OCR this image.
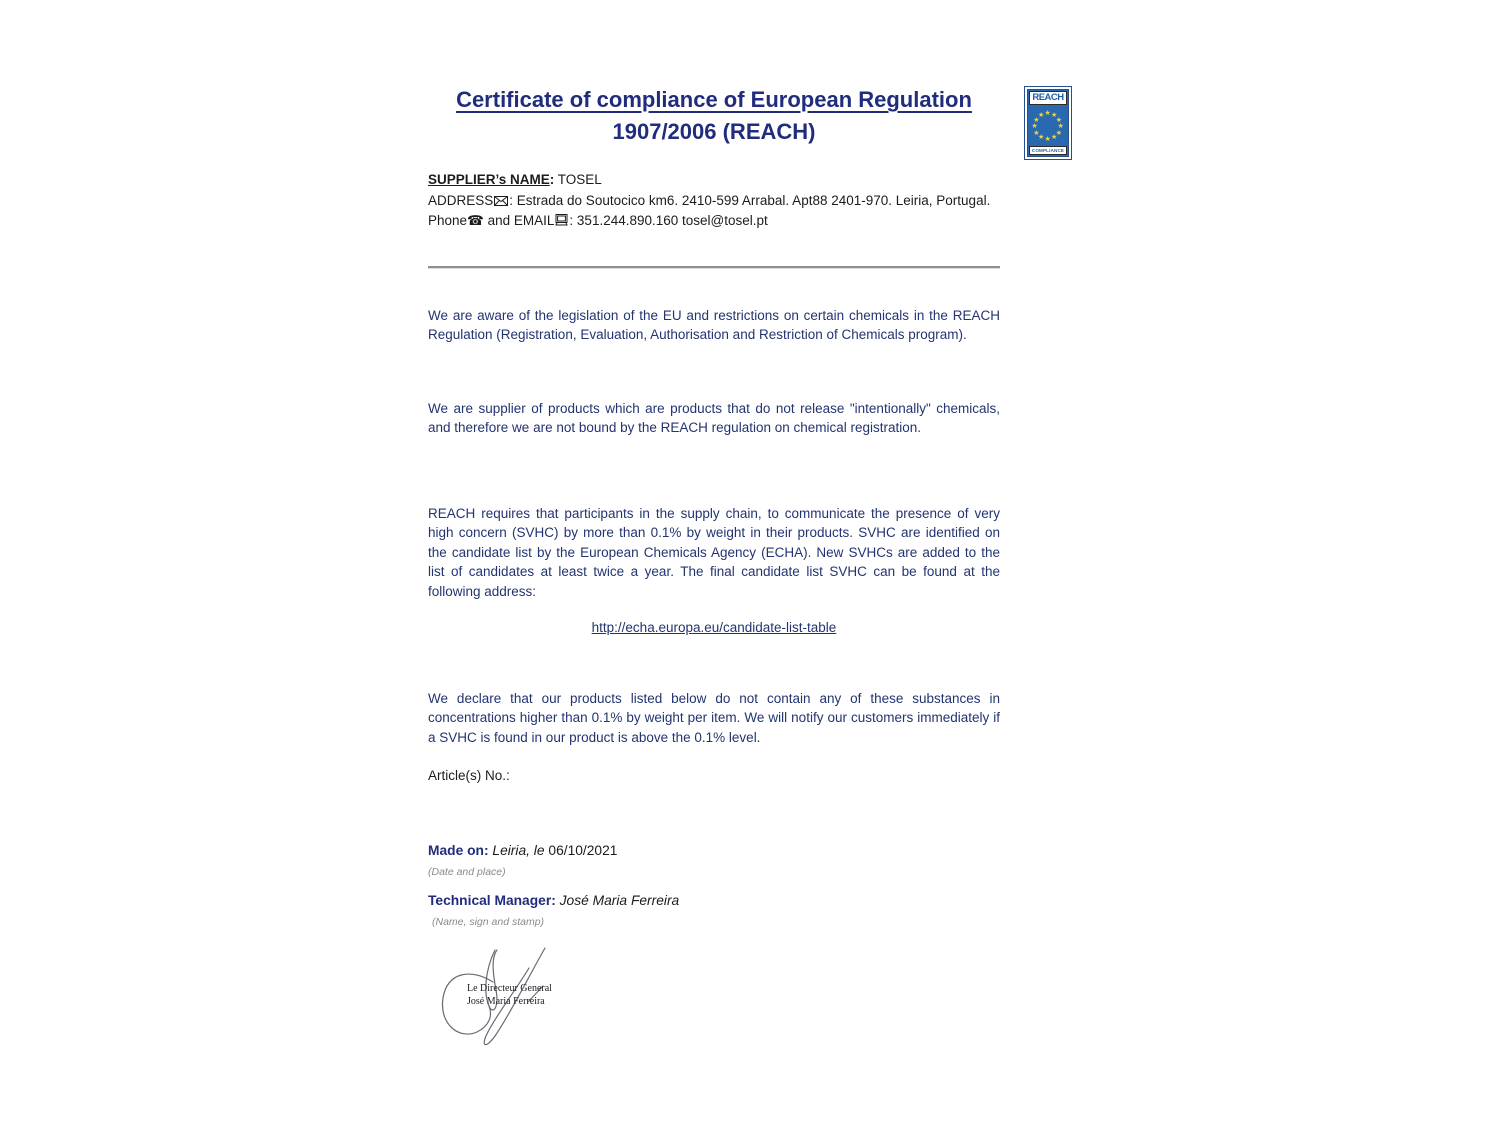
REACH
★ ★
★
★
★
★
★
★
★
★
★
★
COMPLIANCE
Certificate of compliance of European Regulation
1907/2006 (REACH)
SUPPLIER’s NAME: TOSEL

ADDRESS : Estrada do Soutocico km6. 2410-599 Arrabal. Apt88 2401-970. Leiria, Portugal.

Phone☎ and EMAIL : 351.244.890.160 tosel@tosel.pt

We are aware of the legislation of the EU and restrictions on certain chemicals in the REACH Regulation (Registration, Evaluation, Authorisation and Restriction of Chemicals program).

We are supplier of products which are products that do not release "intentionally" chemicals, and therefore we are not bound by the REACH regulation on chemical registration.

REACH requires that participants in the supply chain, to communicate the presence of very high concern (SVHC) by more than 0.1% by weight in their products. SVHC are identified on the candidate list by the European Chemicals Agency (ECHA). New SVHCs are added to the list of candidates at least twice a year. The final candidate list SVHC can be found at the following address:

http://echa.europa.eu/candidate-list-table

We declare that our products listed below do not contain any of these substances in concentrations higher than 0.1% by weight per item. We will notify our customers immediately if a SVHC is found in our product is above the 0.1% level.

Article(s) No.:
Made on: Leiria, le 06/10/2021
(Date and place)
Technical Manager: José Maria Ferreira
(Name, sign and stamp)
Le Directeur General
José Maria Ferreira
